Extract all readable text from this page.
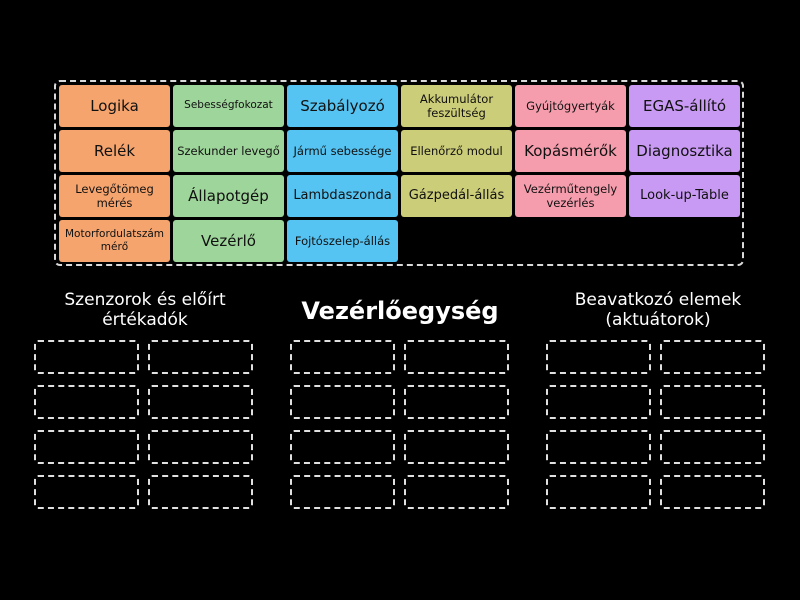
Logika	Sebességfokozat	Szabályozó	Akkumulátor feszültség
Gyújtógyertyák	EGAS-állító
Relék	Szekunder levegő	Jármű sebessége	Ellenőrző modul	Kopásmérők	Diagnosztika
Levegőtömeg mérés	Állapotgép	Lambdaszonda	Gázpedál-állás	Vezérműtengely vezérlés
Look-up-Table
Motorfordulatszám mérő	Vezérlő	Fojtószelep-állás
Szenzorok és előírt értékadók	Vezérlőegység	Beavatkozó elemek (aktuátorok)
